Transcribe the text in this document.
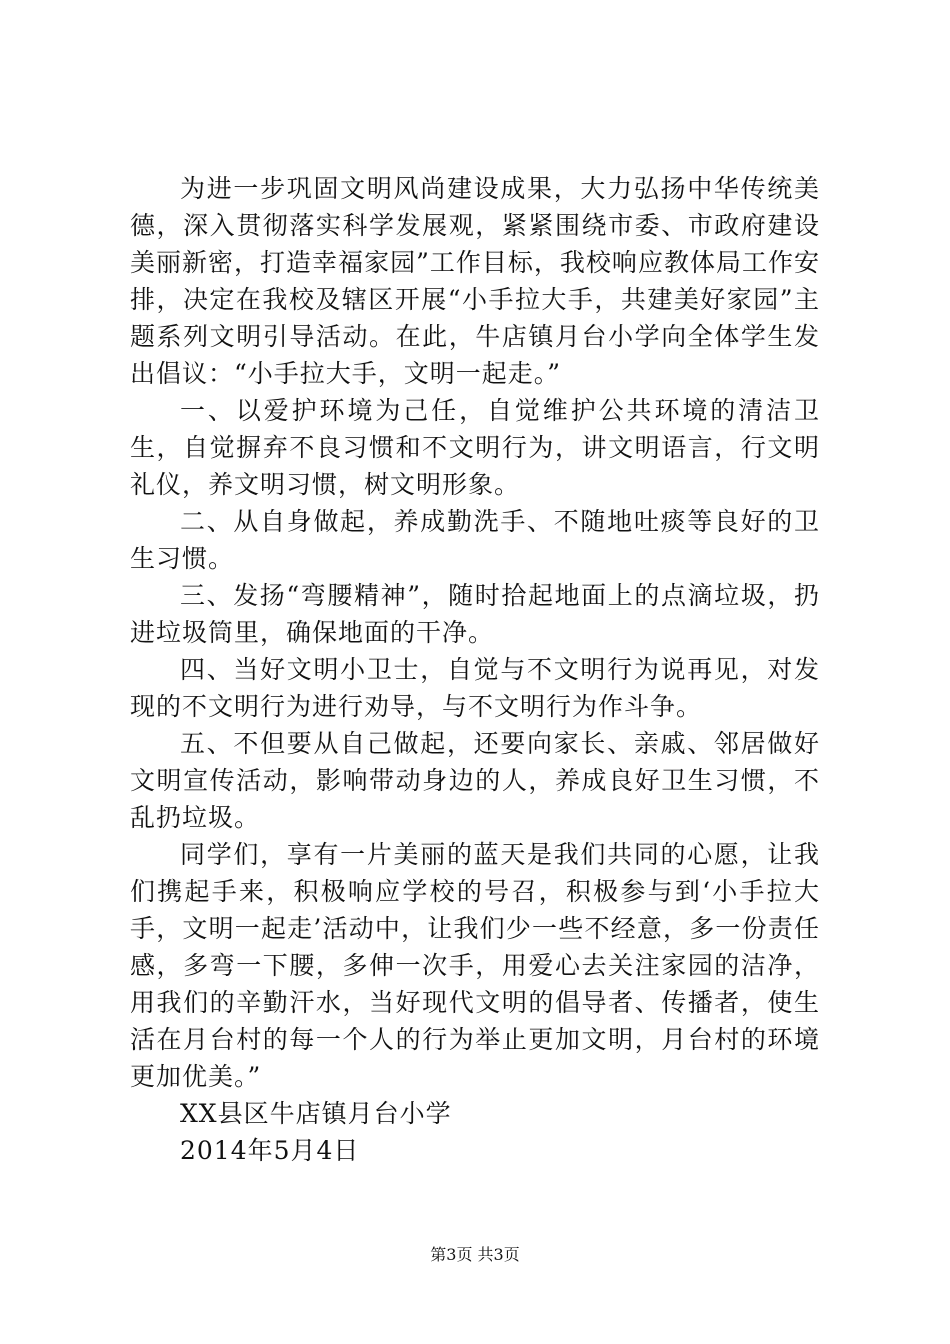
为进一步巩固文明风尚建设成果，大力弘扬中华传统美德，深入贯彻落实科学发展观，紧紧围绕市委、市政府建设美丽新密，打造幸福家园”工作目标，我校响应教体局工作安排，决定在我校及辖区开展“小手拉大手，共建美好家园”主题系列文明引导活动。在此，牛店镇月台小学向全体学生发出倡议：“小手拉大手，文明一起走。”

一、以爱护环境为己任，自觉维护公共环境的清洁卫生，自觉摒弃不良习惯和不文明行为，讲文明语言，行文明礼仪，养文明习惯，树文明形象。

二、从自身做起，养成勤洗手、不随地吐痰等良好的卫生习惯。

三、发扬“弯腰精神”，随时拾起地面上的点滴垃圾，扔进垃圾筒里，确保地面的干净。

四、当好文明小卫士，自觉与不文明行为说再见，对发现的不文明行为进行劝导，与不文明行为作斗争。

五、不但要从自己做起，还要向家长、亲戚、邻居做好文明宣传活动，影响带动身边的人，养成良好卫生习惯，不乱扔垃圾。

同学们，享有一片美丽的蓝天是我们共同的心愿，让我们携起手来，积极响应学校的号召，积极参与到‘小手拉大手，文明一起走’活动中，让我们少一些不经意，多一份责任感，多弯一下腰，多伸一次手，用爱心去关注家园的洁净，用我们的辛勤汗水，当好现代文明的倡导者、传播者，使生活在月台村的每一个人的行为举止更加文明，月台村的环境更加优美。”

XX县区牛店镇月台小学

2014年5月4日

第3页 共3页
